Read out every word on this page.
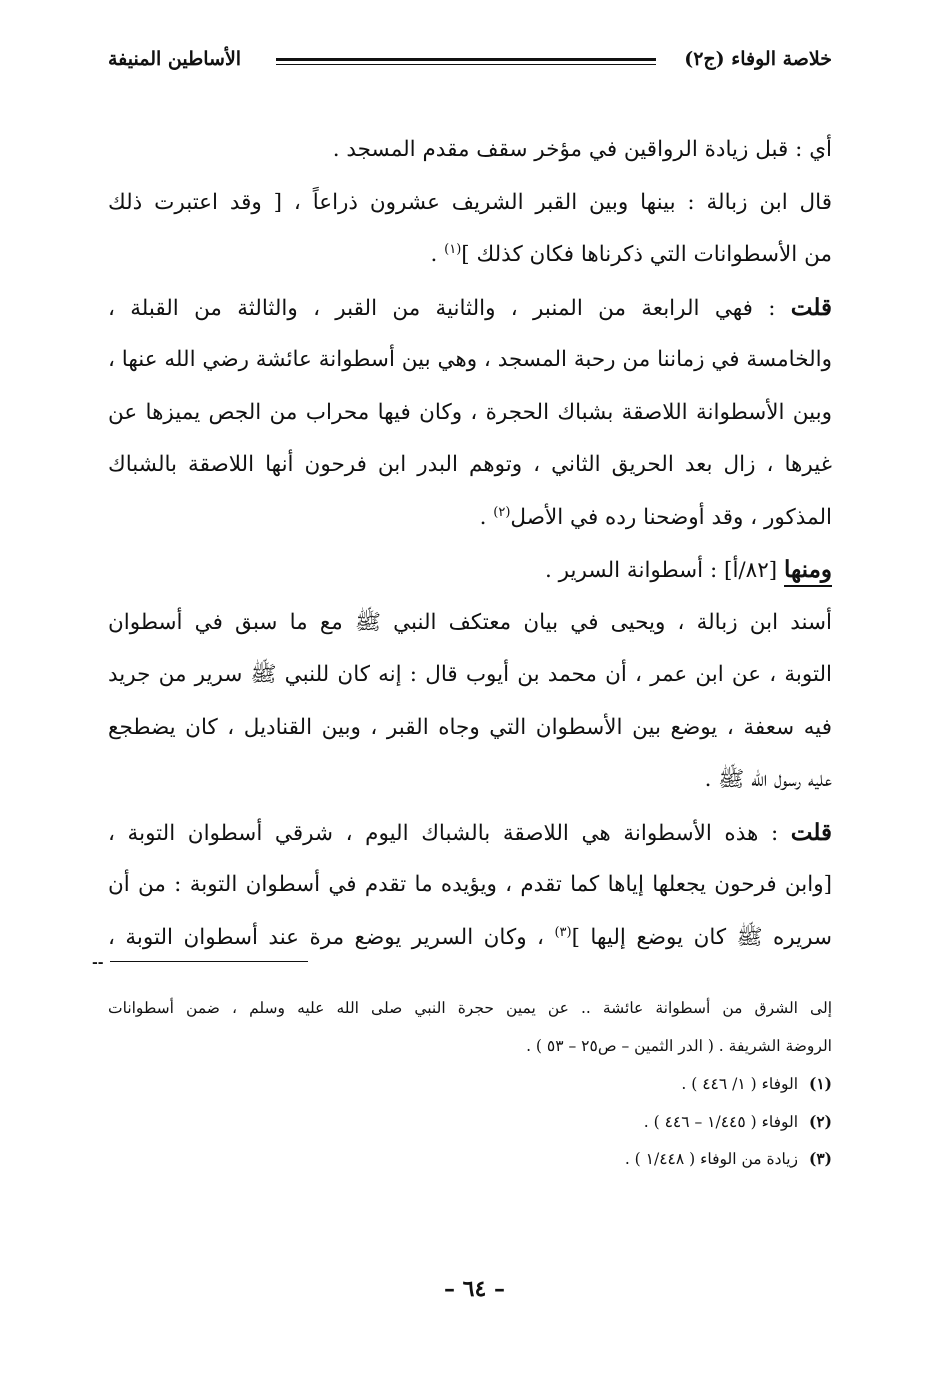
خلاصة الوفاء (ج٢)
الأساطين المنيفة
أي : قبل زيادة الرواقين في مؤخر سقف مقدم المسجد .
قال ابن زبالة : بينها وبين القبر الشريف عشرون ذراعاً ، [ وقد اعتبرت ذلك
من الأسطوانات التي ذكرناها فكان كذلك ]$^{(١)}$ .
قلت : فهي الرابعة من المنبر ، والثانية من القبر ، والثالثة من القبلة ،
والخامسة في زماننا من رحبة المسجد ، وهي بين أسطوانة عائشة رضي الله عنها ،
وبين الأسطوانة اللاصقة بشباك الحجرة ، وكان فيها محراب من الجص يميزها عن
غيرها ، زال بعد الحريق الثاني ، وتوهم البدر ابن فرحون أنها اللاصقة بالشباك
المذكور ، وقد أوضحنا رده في الأصل$^{(٢)}$ .
ومنها [٨٢/أ] : أسطوانة السرير .
أسند ابن زبالة ، ويحيى في بيان معتكف النبي ﷺ مع ما سبق في أسطوان
التوبة ، عن ابن عمر ، أن محمد بن أيوب قال : إنه كان للنبي ﷺ سرير من جريد
فيه سعفة ، يوضع بين الأسطوان التي وجاه القبر ، وبين القناديل ، كان يضطجع
عليه رسول الله ﷺ .
قلت : هذه الأسطوانة هي اللاصقة بالشباك اليوم ، شرقي أسطوان التوبة ،
[وابن فرحون يجعلها إياها كما تقدم ، ويؤيده ما تقدم في أسطوان التوبة : من أن
سريره ﷺ كان يوضع إليها ]$^{(٣)}$ ، وكان السرير يوضع مرة عند أسطوان التوبة ،
--
إلى الشرق من أسطوانة عائشة .. عن يمين حجرة النبي صلى الله عليه وسلم ، ضمن أسطوانات
الروضة الشريفة . ( الدر الثمين – ص٢٥ – ٥٣ ) .
(١) الوفاء ( ١/ ٤٤٦ ) .
(٢) الوفاء ( ١/٤٤٥ – ٤٤٦ ) .
(٣) زيادة من الوفاء ( ١/٤٤٨ ) .
– ٦٤ –
